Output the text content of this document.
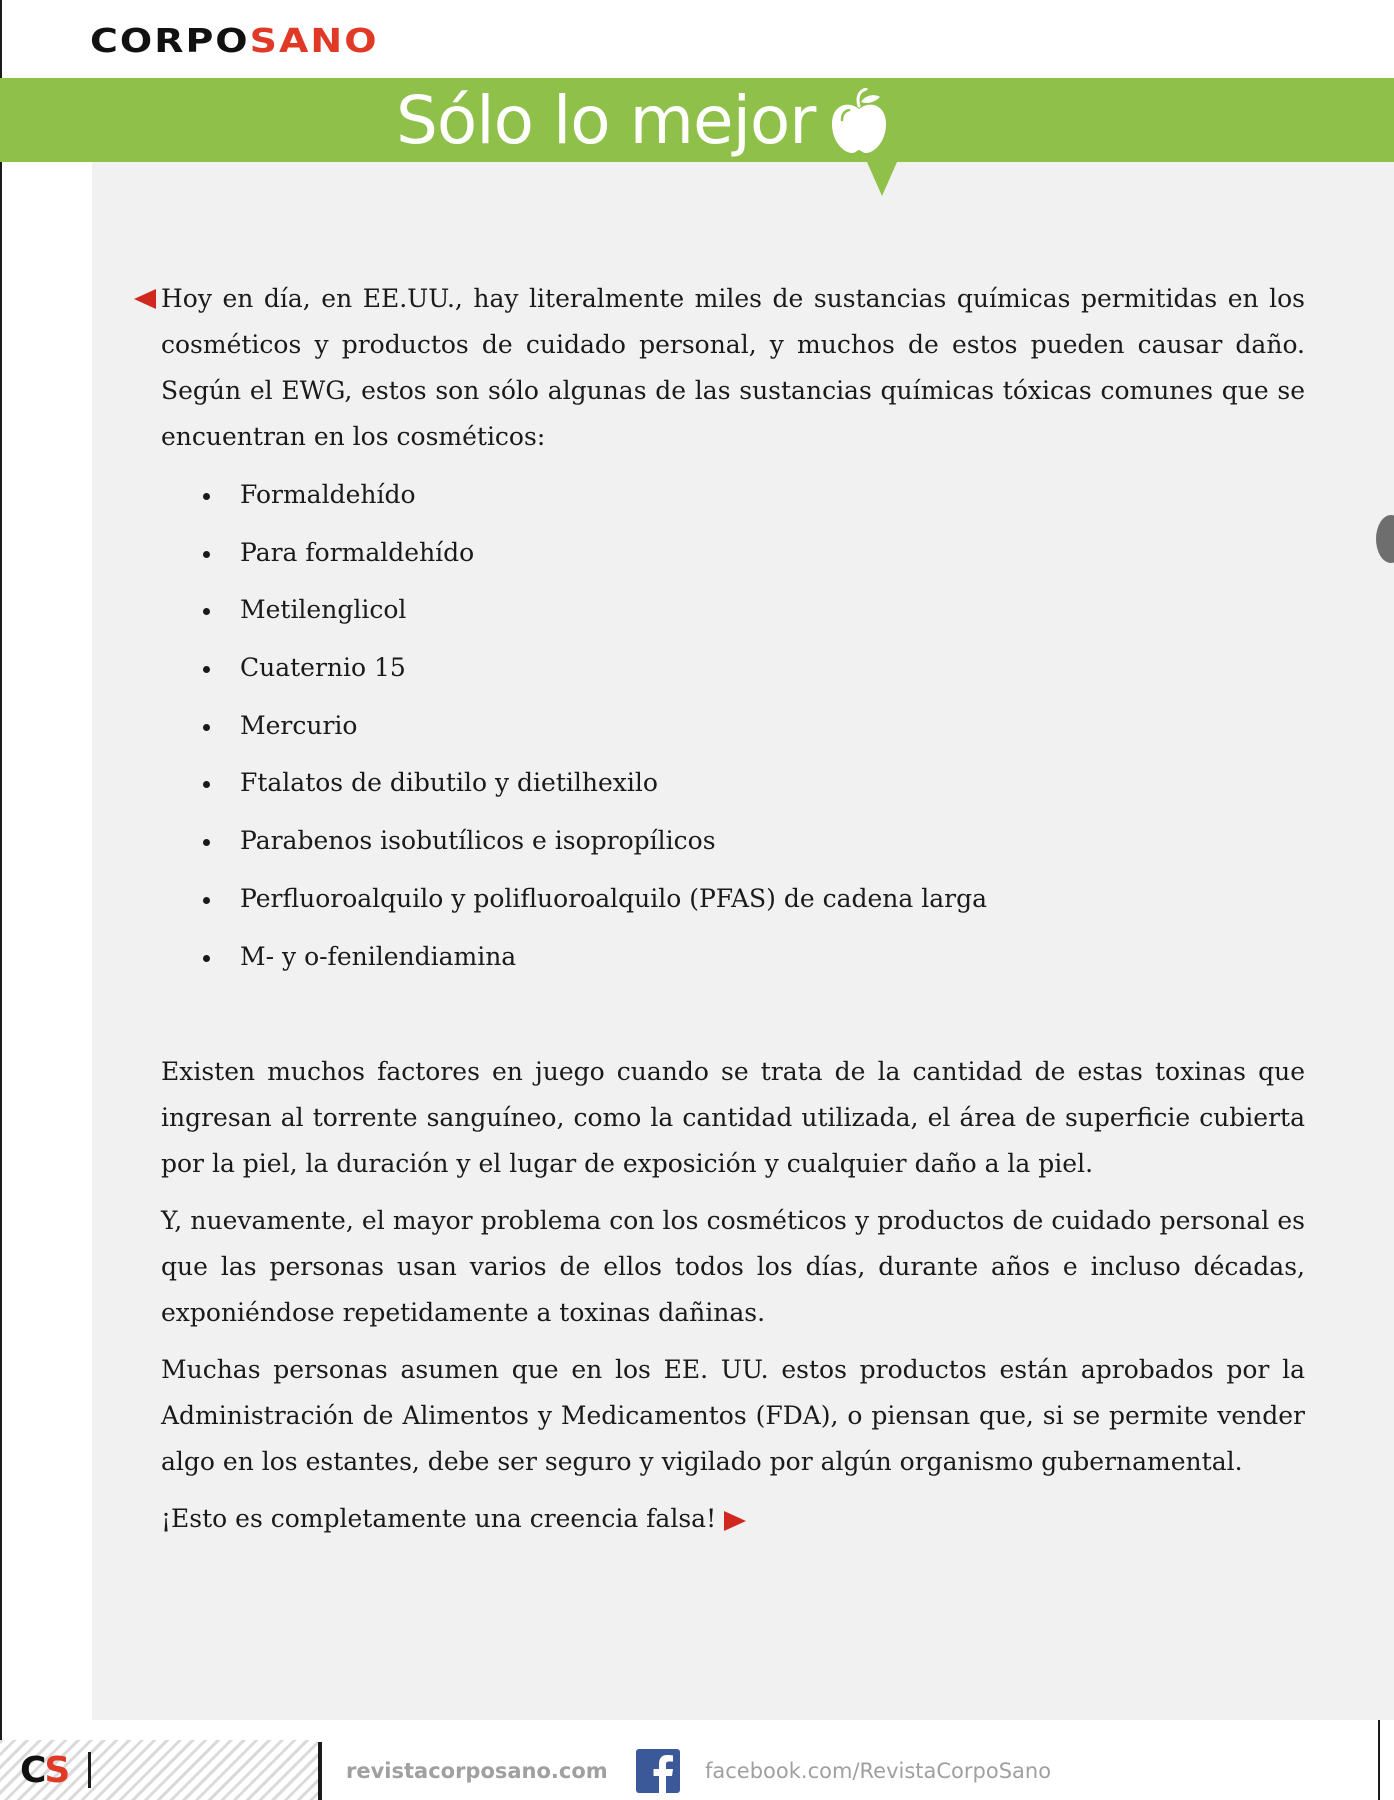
CORPOSANO
Sólo lo mejor

Hoy en día, en EE.UU., hay literalmente miles de sustancias químicas permitidas en los cosméticos y productos de cuidado personal, y muchos de estos pueden causar daño. Según el EWG, estos son sólo algunas de las sustancias químicas tóxicas comunes que se encuentran en los cosméticos:

Formaldehído
Para formaldehído
Metilenglicol
Cuaternio 15
Mercurio
Ftalatos de dibutilo y dietilhexilo
Parabenos isobutílicos e isopropílicos
Perfluoroalquilo y polifluoroalquilo (PFAS) de cadena larga
M- y o-fenilendiamina

Existen muchos factores en juego cuando se trata de la cantidad de estas toxinas que ingresan al torrente sanguíneo, como la cantidad utilizada, el área de superficie cubierta por la piel, la duración y el lugar de exposición y cualquier daño a la piel.

Y, nuevamente, el mayor problema con los cosméticos y productos de cuidado personal es que las personas usan varios de ellos todos los días, durante años e incluso décadas, exponiéndose repetidamente a toxinas dañinas.

Muchas personas asumen que en los EE. UU. estos productos están aprobados por la Administración de Alimentos y Medicamentos (FDA), o piensan que, si se permite vender algo en los estantes, debe ser seguro y vigilado por algún organismo gubernamental.

¡Esto es completamente una creencia falsa!

C S	revistacorposano.com	facebook.com/RevistaCorpoSano
